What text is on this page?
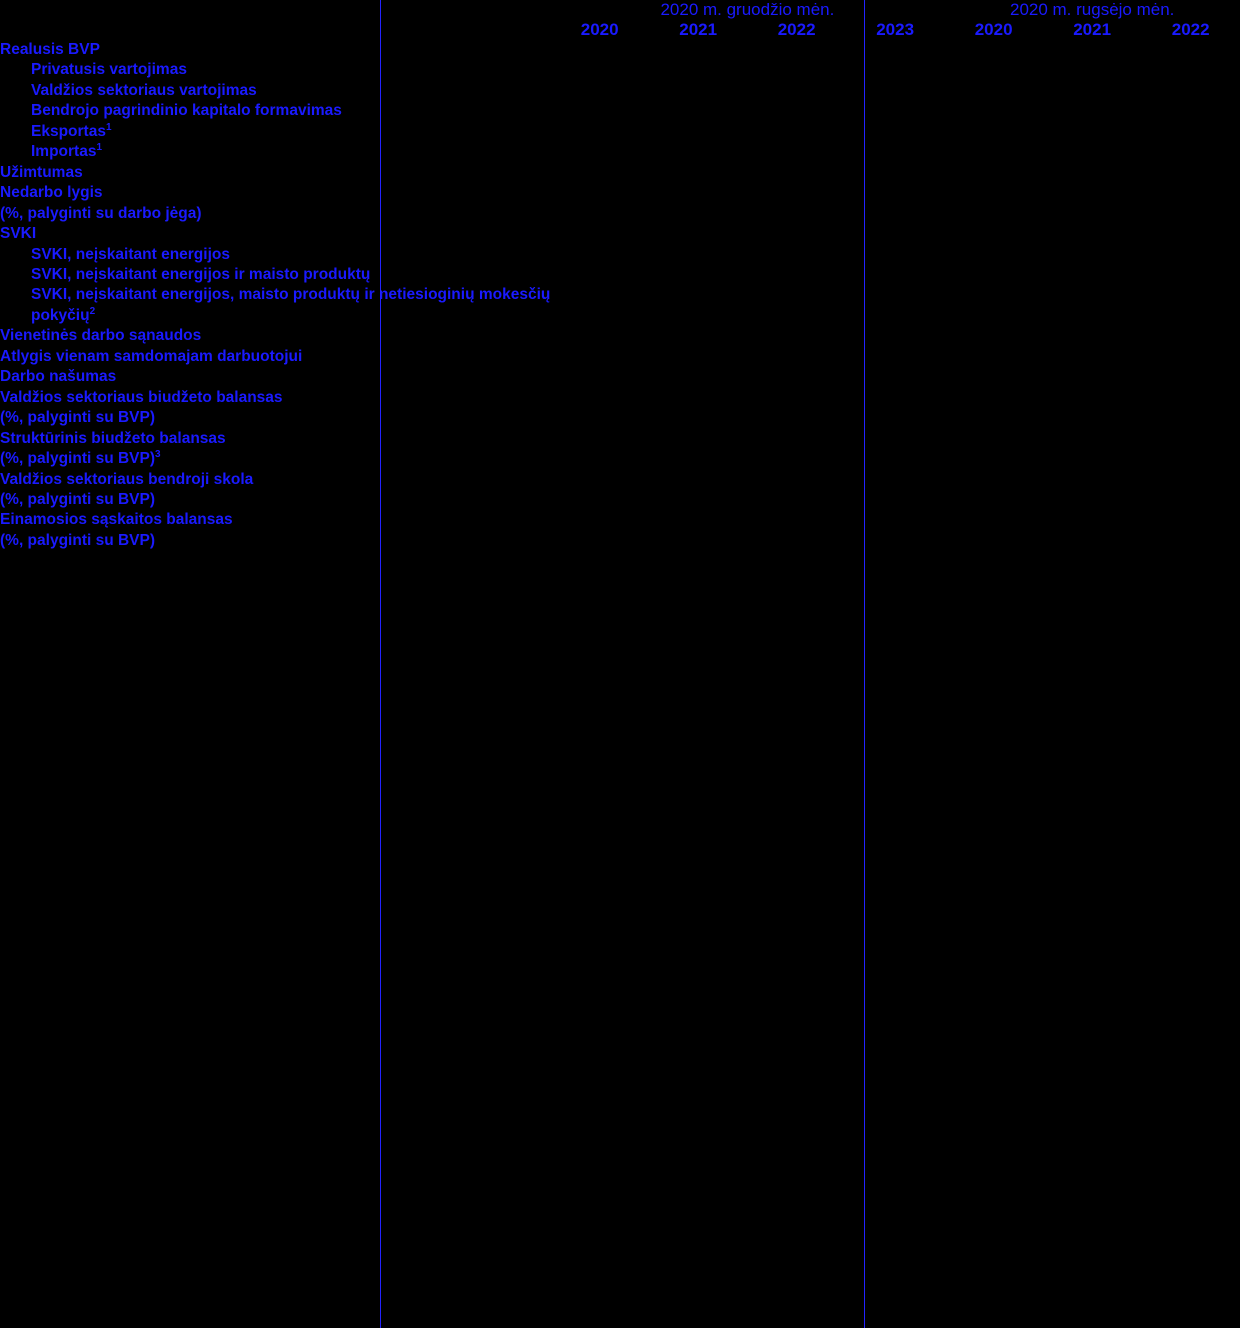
	2020 m. gruodžio mėn.				2020 m. rugsėjo mėn.		
	2020	2021	2022	2023	2020	2021	2022
Realusis BVP							
Privatusis vartojimas							
Valdžios sektoriaus vartojimas							
Bendrojo pagrindinio kapitalo formavimas							
Eksportas$^1$							
Importas$^1$							
Užimtumas							
Nedarbo lygis
(%, palyginti su darbo jėga)							
SVKI							
SVKI, neįskaitant energijos							
SVKI, neįskaitant energijos ir maisto produktų							
SVKI, neįskaitant energijos, maisto produktų ir netiesioginių mokesčių pokyčių$^2$							
Vienetinės darbo sąnaudos							
Atlygis vienam samdomajam darbuotojui							
Darbo našumas							
Valdžios sektoriaus biudžeto balansas
(%, palyginti su BVP)							
Struktūrinis biudžeto balansas
(%, palyginti su BVP)$^3$							
Valdžios sektoriaus bendroji skola
(%, palyginti su BVP)							
Einamosios sąskaitos balansas
(%, palyginti su BVP)							
